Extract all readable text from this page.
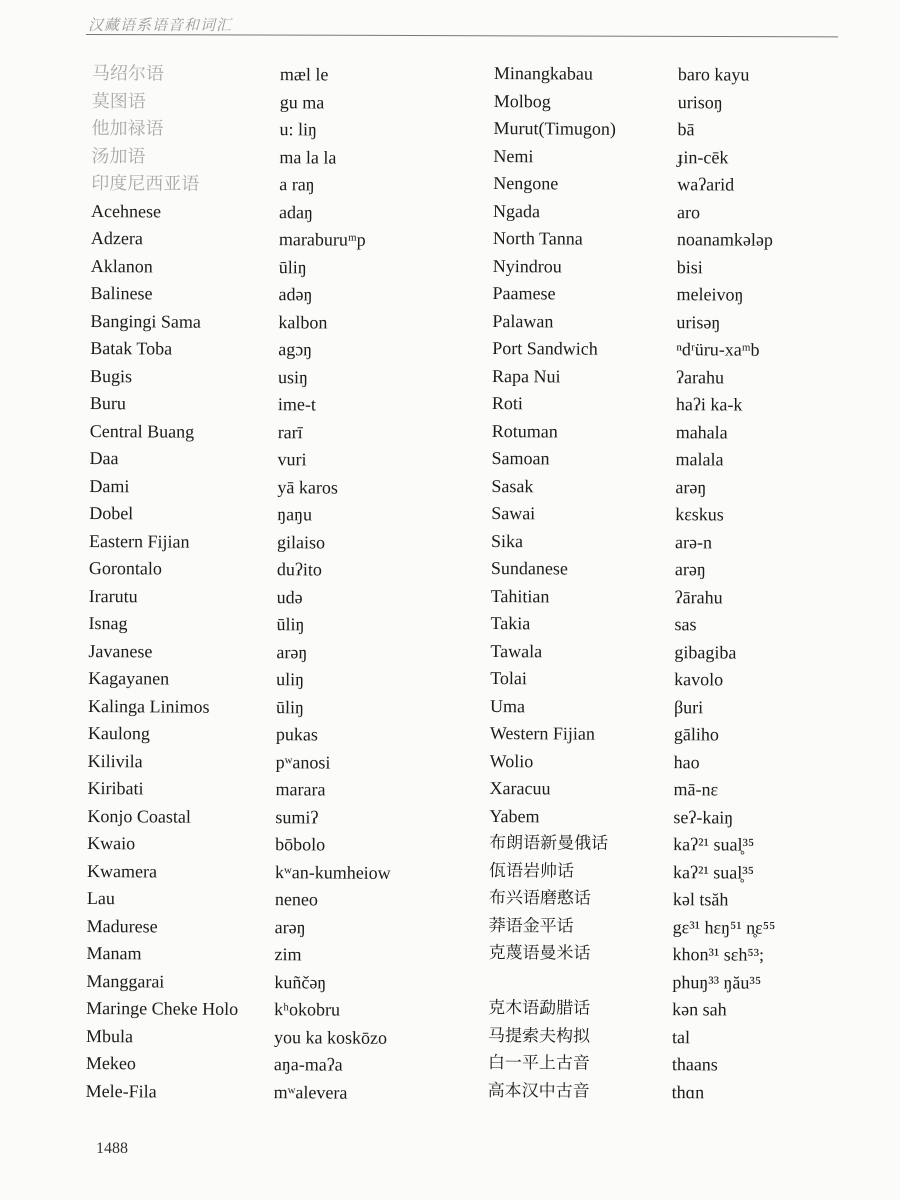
汉藏语系语音和词汇
马绍尔语	mæl le
莫图语	gu ma
他加禄语	u: liŋ
汤加语	ma la la
印度尼西亚语	a raŋ
Acehnese	adaŋ
Adzera	maraburuᵐp
Aklanon	ūliŋ
Balinese	adəŋ
Bangingi Sama	kalbon
Batak Toba	agɔŋ
Bugis	usiŋ
Buru	ime-t
Central Buang	rarī
Daa	vuri
Dami	yā karos
Dobel	ŋaŋu
Eastern Fijian	gilaiso
Gorontalo	duʔito
Irarutu	udə
Isnag	ūliŋ
Javanese	arəŋ
Kagayanen	uliŋ
Kalinga Linimos	ūliŋ
Kaulong	pukas
Kilivila	pʷanosi
Kiribati	marara
Konjo Coastal	sumiʔ
Kwaio	bōbolo
Kwamera	kʷan-kumheiow
Lau	neneo
Madurese	arəŋ
Manam	zim
Manggarai	kuñčəŋ
Maringe Cheke Holo kʰokobru
Mbula	you ka koskōzo
Mekeo	aŋa-maʔa
Mele-Fila	mʷalevera
Minangkabau	baro kayu
Molbog	urisoŋ
Murut(Timugon)	bā
Nemi	ɟin-cēk
Nengone	waʔarid
Ngada	aro
North Tanna	noanamkələp
Nyindrou	bisi
Paamese	meleivoŋ
Palawan	urisəŋ
Port Sandwich	ⁿdʳüru-xaᵐb
Rapa Nui	ʔarahu
Roti	haʔi ka-k
Rotuman	mahala
Samoan	malala
Sasak	arəŋ
Sawai	kɛskus
Sika	arə-n
Sundanese	arəŋ
Tahitian	ʔārahu
Takia	sas
Tawala	gibagiba
Tolai	kavolo
Uma	βuri
Western Fijian	gāliho
Wolio	hao
Xaracuu	mā-nɛ
Yabem	seʔ-kaiŋ
布朗语新曼俄话	kaʔ²¹ sual̥³⁵
佤语岩帅话	kaʔ²¹ sual̥³⁵
布兴语磨憨话	kəl tsăh
莽语金平话	gɛ³¹ hɛŋ⁵¹ n̥ɛ⁵⁵
克蔑语曼米话	khon³¹ sɛh⁵³;
phuŋ³³ ŋău³⁵
克木语勐腊话	kən sah
马提索夫构拟	tal
白一平上古音	thaans
高本汉中古音	thɑn
1488
